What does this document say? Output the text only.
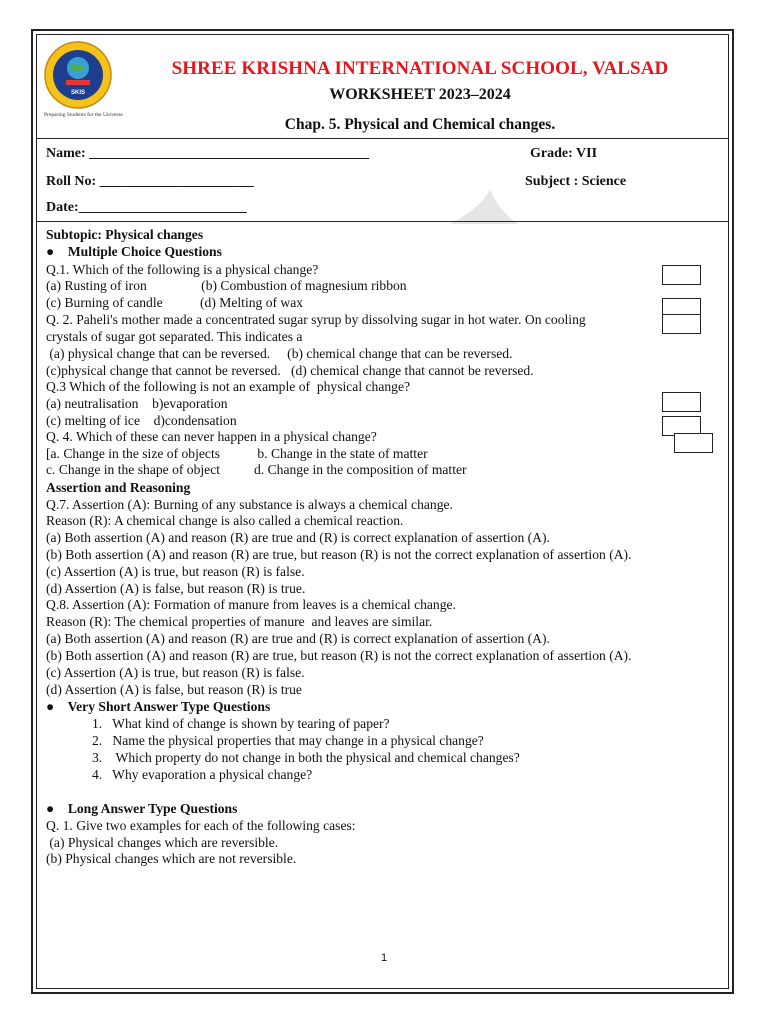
SKIS
Preparing Students for the Universe
SHREE KRISHNA INTERNATIONAL SCHOOL, VALSAD
WORKSHEET 2023–2024
Chap. 5. Physical and Chemical changes.
Name: ________________________________________	Grade: VII
Roll No: ______________________	Subject : Science
Date:________________________
Subtopic: Physical changes
●    Multiple Choice Questions
Q.1. Which of the following is a physical change?
(a) Rusting of iron                (b) Combustion of magnesium ribbon
(c) Burning of candle           (d) Melting of wax
Q. 2. Paheli's mother made a concentrated sugar syrup by dissolving sugar in hot water. On cooling
crystals of sugar got separated. This indicates a
(a) physical change that can be reversed.     (b) chemical change that can be reversed.
(c)physical change that cannot be reversed.   (d) chemical change that cannot be reversed.
Q.3 Which of the following is not an example of  physical change?
(a) neutralisation    b)evaporation
(c) melting of ice    d)condensation
Q. 4. Which of these can never happen in a physical change?
[a. Change in the size of objects           b. Change in the state of matter
c. Change in the shape of object          d. Change in the composition of matter
Assertion and Reasoning
Q.7. Assertion (A): Burning of any substance is always a chemical change.
Reason (R): A chemical change is also called a chemical reaction.
(a) Both assertion (A) and reason (R) are true and (R) is correct explanation of assertion (A).
(b) Both assertion (A) and reason (R) are true, but reason (R) is not the correct explanation of assertion (A).
(c) Assertion (A) is true, but reason (R) is false.
(d) Assertion (A) is false, but reason (R) is true.
Q.8. Assertion (A): Formation of manure from leaves is a chemical change.
Reason (R): The chemical properties of manure  and leaves are similar.
(a) Both assertion (A) and reason (R) are true and (R) is correct explanation of assertion (A).
(b) Both assertion (A) and reason (R) are true, but reason (R) is not the correct explanation of assertion (A).
(c) Assertion (A) is true, but reason (R) is false.
(d) Assertion (A) is false, but reason (R) is true
●    Very Short Answer Type Questions
1.   What kind of change is shown by tearing of paper?
2.   Name the physical properties that may change in a physical change?
3.    Which property do not change in both the physical and chemical changes?
4.   Why evaporation a physical change?
●    Long Answer Type Questions
Q. 1. Give two examples for each of the following cases:
(a) Physical changes which are reversible.
(b) Physical changes which are not reversible.
1
